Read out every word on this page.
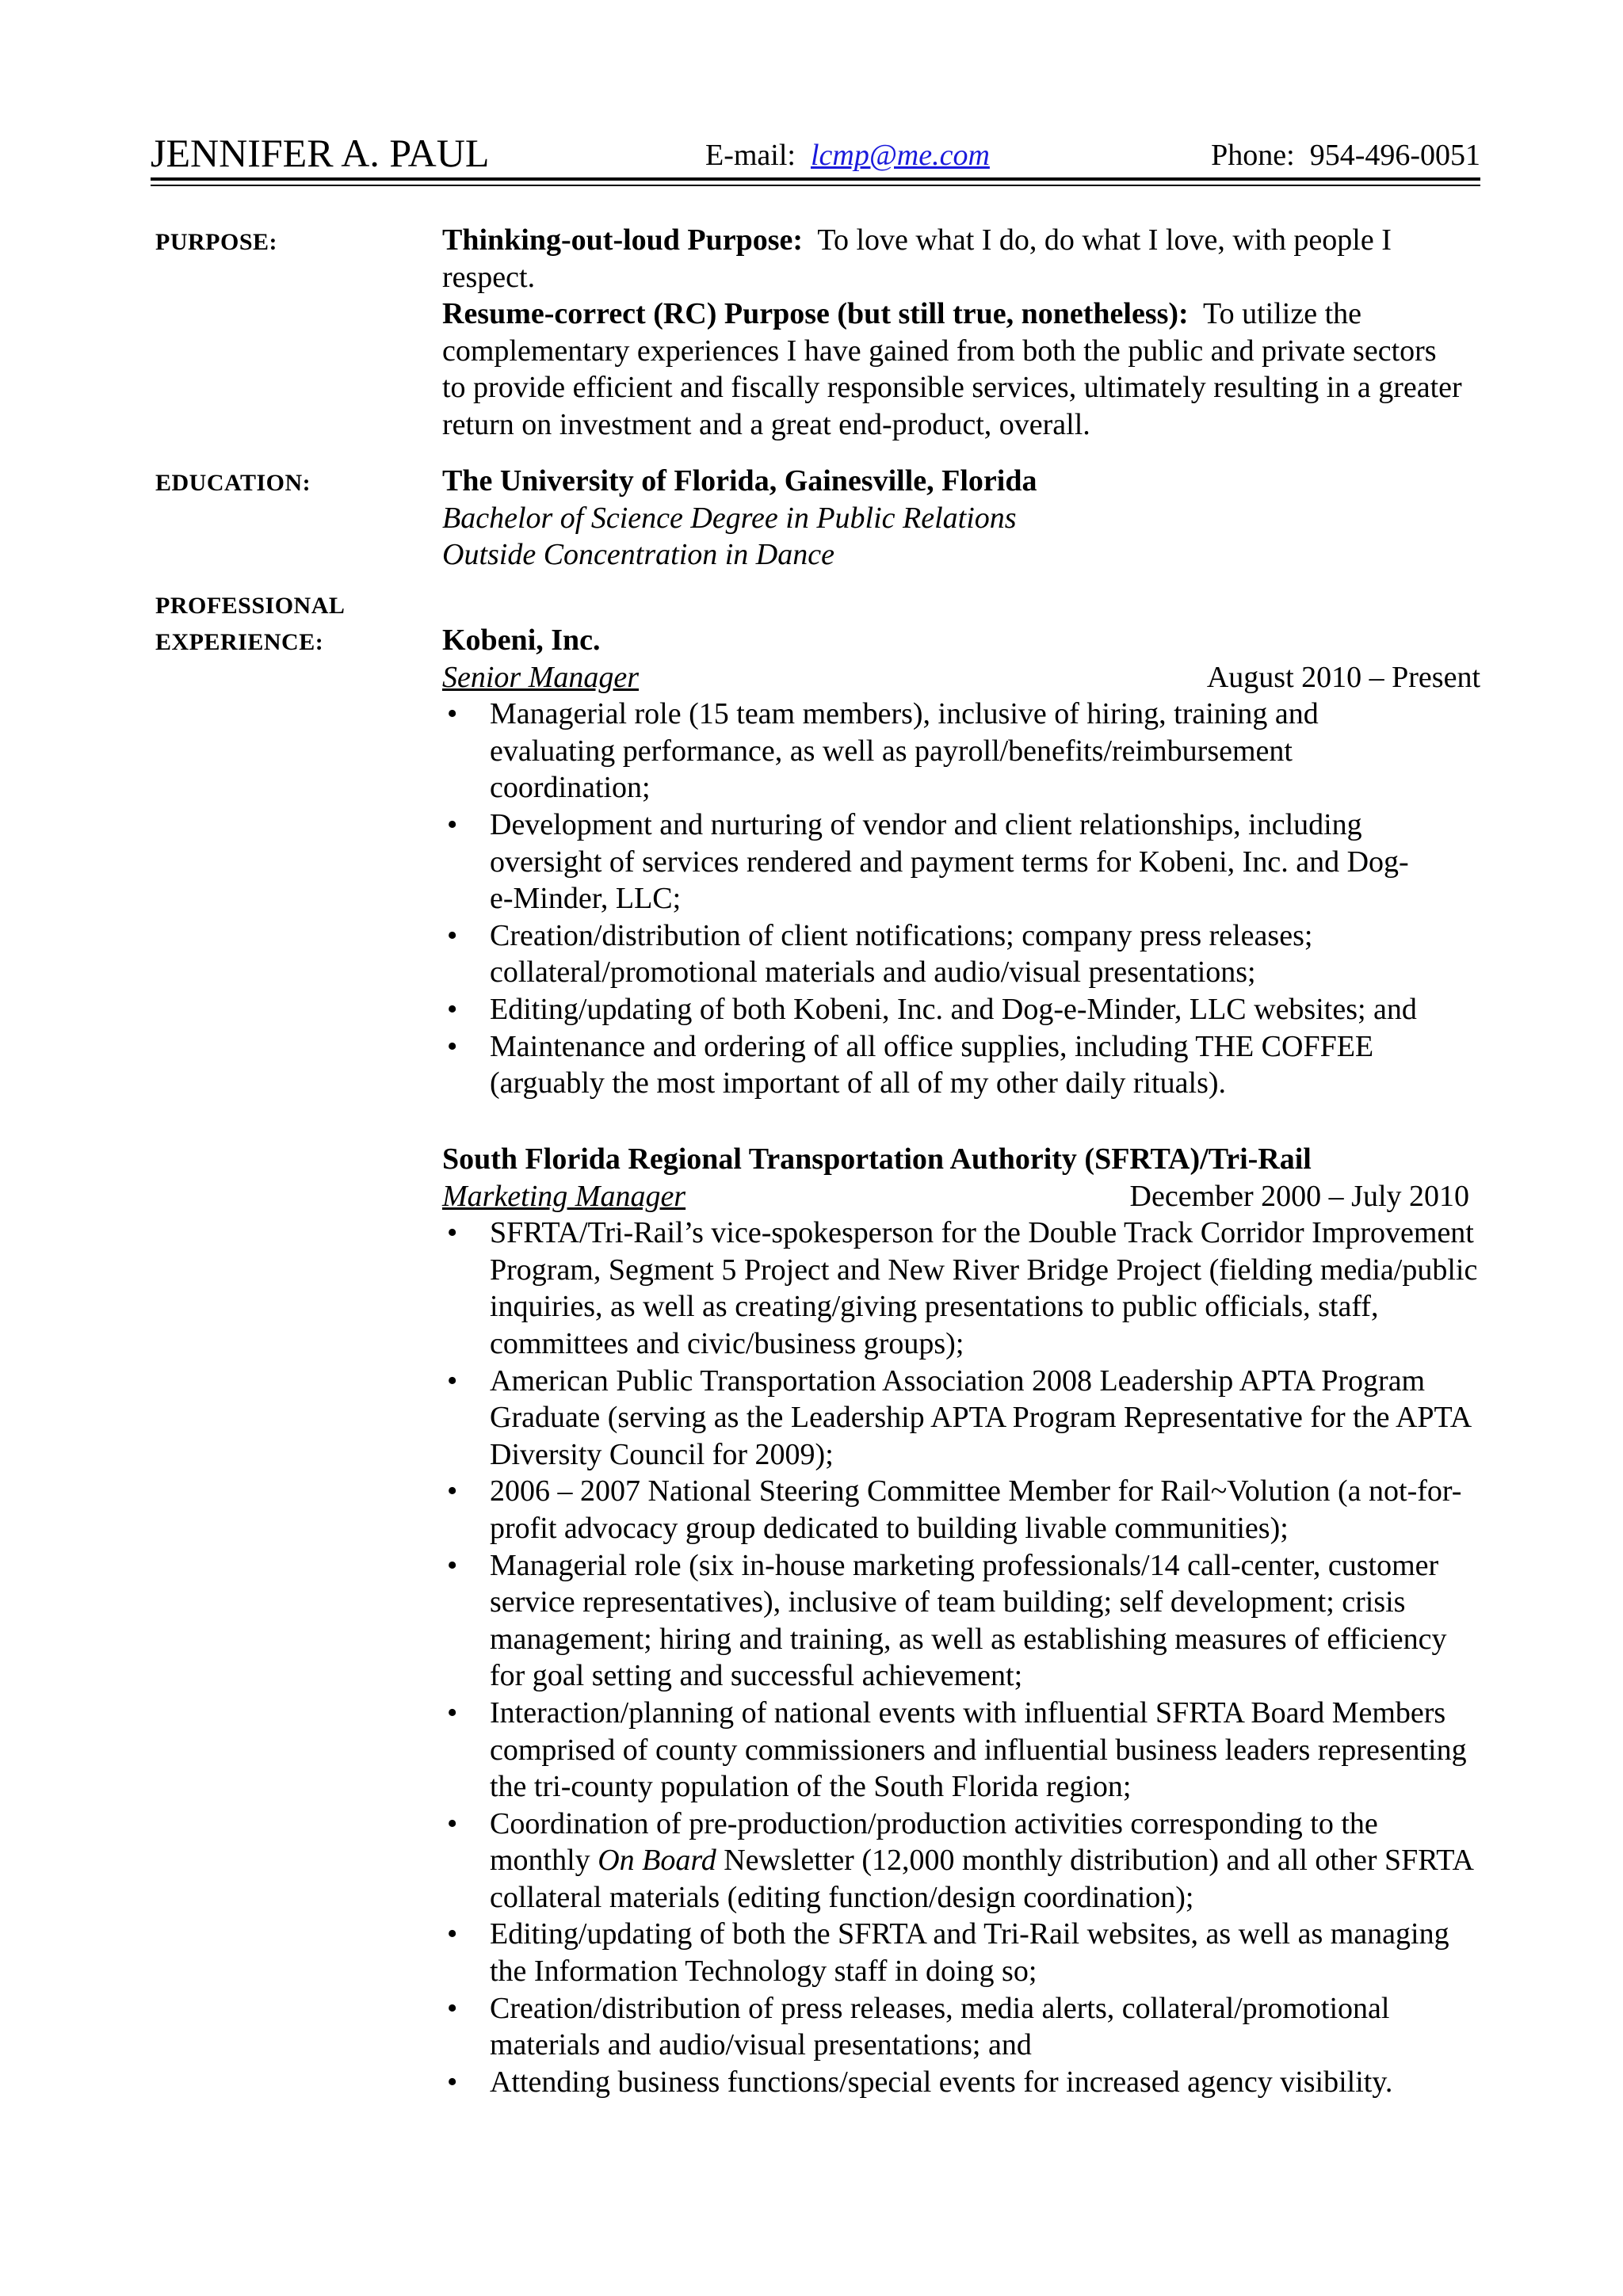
JENNIFER A. PAUL	E-mail: lcmp@me.com	Phone: 954-496-0051
PURPOSE:	Thinking-out-loud Purpose: To love what I do, do what I love, with people I respect.

Resume-correct (RC) Purpose (but still true, nonetheless): To utilize the complementary experiences I have gained from both the public and private sectors to provide efficient and fiscally responsible services, ultimately resulting in a greater return on investment and a great end-product, overall.

EDUCATION:	The University of Florida, Gainesville, Florida

Bachelor of Science Degree in Public Relations

Outside Concentration in Dance

PROFESSIONAL
EXPERIENCE:	Kobeni, Inc.

Senior Manager	August 2010 – Present
• Managerial role (15 team members), inclusive of hiring, training and evaluating performance, as well as payroll/benefits/reimbursement coordination;
• Development and nurturing of vendor and client relationships, including oversight of services rendered and payment terms for Kobeni, Inc. and Dog-e-Minder, LLC;
• Creation/distribution of client notifications; company press releases; collateral/promotional materials and audio/visual presentations;
• Editing/updating of both Kobeni, Inc. and Dog-e-Minder, LLC websites; and
• Maintenance and ordering of all office supplies, including THE COFFEE (arguably the most important of all of my other daily rituals).

South Florida Regional Transportation Authority (SFRTA)/Tri-Rail

Marketing Manager	December 2000 – July 2010
• SFRTA/Tri-Rail’s vice-spokesperson for the Double Track Corridor Improvement Program, Segment 5 Project and New River Bridge Project (fielding media/public inquiries, as well as creating/giving presentations to public officials, staff, committees and civic/business groups);
• American Public Transportation Association 2008 Leadership APTA Program Graduate (serving as the Leadership APTA Program Representative for the APTA Diversity Council for 2009);
• 2006 – 2007 National Steering Committee Member for Rail~Volution (a not-for-profit advocacy group dedicated to building livable communities);
• Managerial role (six in-house marketing professionals/14 call-center, customer service representatives), inclusive of team building; self development; crisis management; hiring and training, as well as establishing measures of efficiency for goal setting and successful achievement;
• Interaction/planning of national events with influential SFRTA Board Members comprised of county commissioners and influential business leaders representing the tri-county population of the South Florida region;
• Coordination of pre-production/production activities corresponding to the monthly On Board Newsletter (12,000 monthly distribution) and all other SFRTA collateral materials (editing function/design coordination);
• Editing/updating of both the SFRTA and Tri-Rail websites, as well as managing the Information Technology staff in doing so;
• Creation/distribution of press releases, media alerts, collateral/promotional materials and audio/visual presentations; and
• Attending business functions/special events for increased agency visibility.
